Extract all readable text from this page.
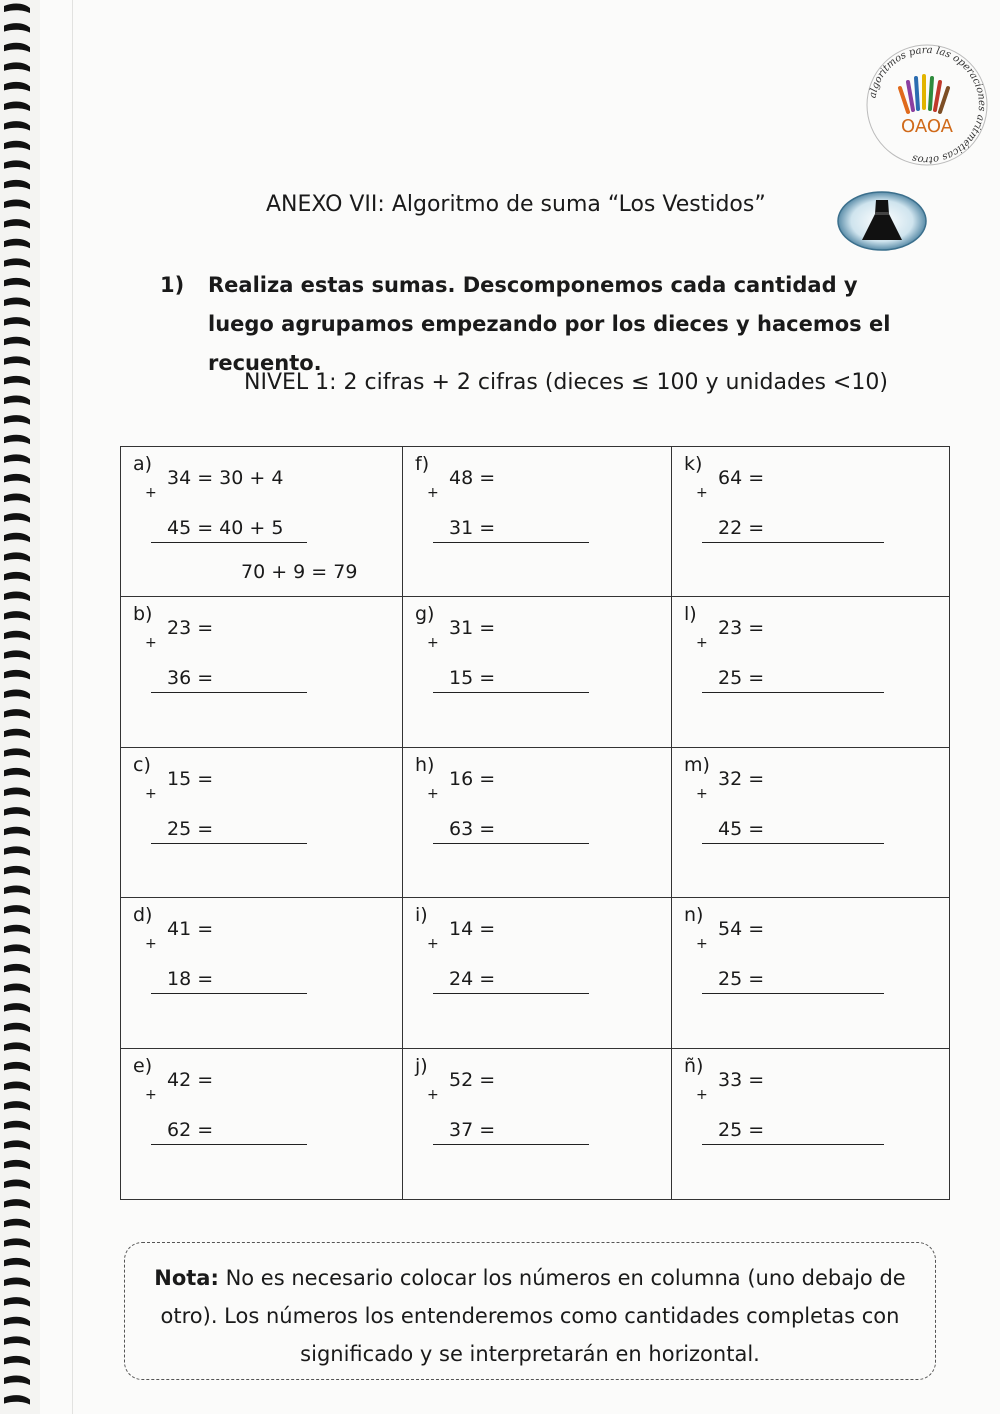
algoritmos para las operaciones aritméticas otros
OAOA
ANEXO VII: Algoritmo de suma “Los Vestidos”
1) Realiza estas sumas. Descomponemos cada cantidad y luego agrupamos empezando por los dieces y hacemos el recuento.
NIVEL 1: 2 cifras + 2 cifras (dieces ≤ 100 y unidades <10)
a)
+
34 = 30 + 4
45 = 40 + 5
70 + 9 = 79
f)
+
48 =
31 =
k)
+
64 =
22 =
b)
+
23 =
36 =
g)
+
31 =
15 =
l)
+
23 =
25 =
c)
+
15 =
25 =
h)
+
16 =
63 =
m)
+
32 =
45 =
d)
+
41 =
18 =
i)
+
14 =
24 =
n)
+
54 =
25 =
e)
+
42 =
62 =
j)
+
52 =
37 =
ñ)
+
33 =
25 =
Nota: No es necesario colocar los números en columna (uno debajo de otro). Los números los entenderemos como cantidades completas con significado y se interpretarán en horizontal.
